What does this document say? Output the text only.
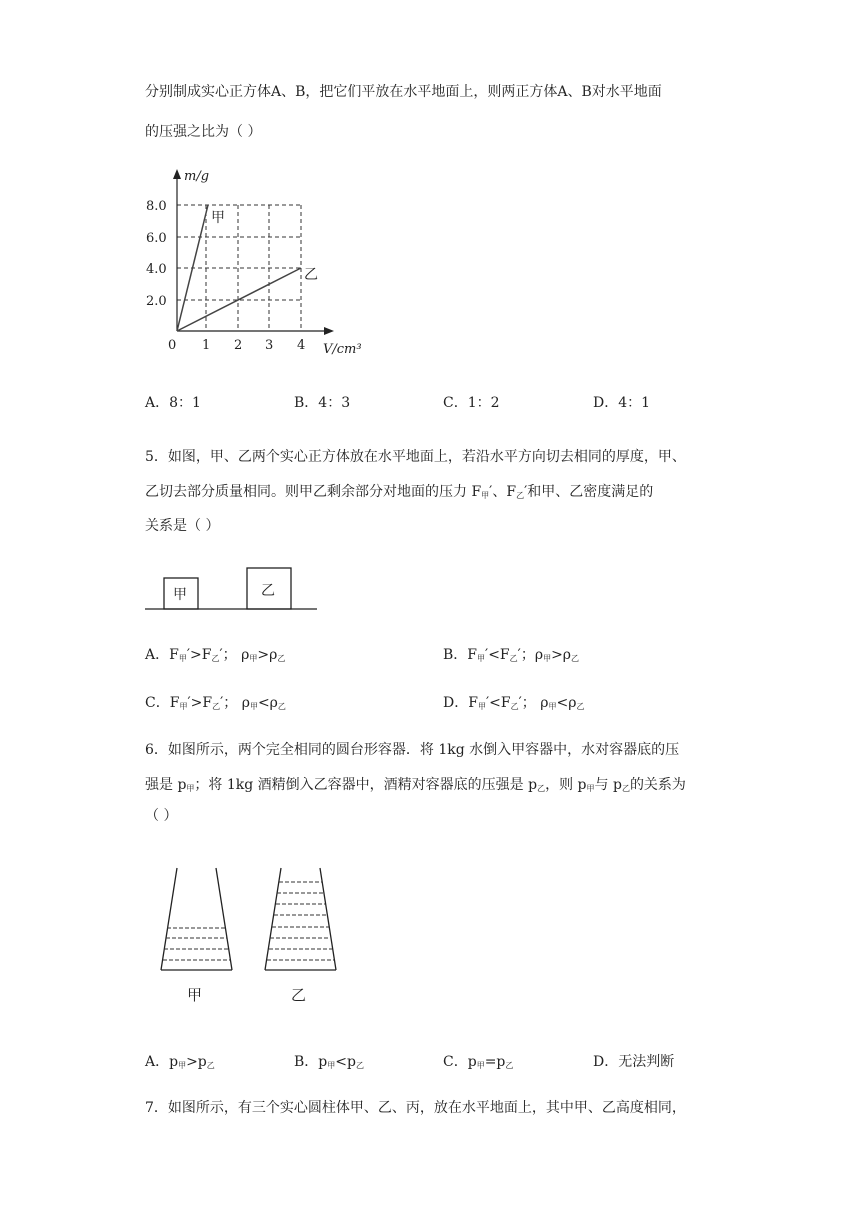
分别制成实心正方体A、B，把它们平放在水平地面上，则两正方体A、B对水平地面
的压强之比为（ ）
m/g
V/cm³
8.0
6.0
4.0
2.0
0 1 2 3 4
甲
乙
A．8：1	B．4：3	C．1：2	D．4：1
5．如图，甲、乙两个实心正方体放在水平地面上，若沿水平方向切去相同的厚度，甲、
乙切去部分质量相同。则甲乙剩余部分对地面的压力 $F_甲'$、$F_乙'$和甲、乙密度满足的
关系是（ ）
甲	乙
A．$F_甲'>F_乙'$； $\rho_甲>\rho_乙$	B．$F_甲'<F_乙'$；$\rho_甲>\rho_乙$
C．$F_甲'>F_乙'$； $\rho_甲<\rho_乙$	D．$F_甲'<F_乙'$； $\rho_甲<\rho_乙$
6．如图所示，两个完全相同的圆台形容器．将 1kg 水倒入甲容器中，水对容器底的压
强是 $p_甲$；将 1kg 酒精倒入乙容器中，酒精对容器底的压强是 $p_乙$，则 $p_甲$与 $p_乙$的关系为
（ ）
甲	乙
A．$p_甲>p_乙$	B．$p_甲<p_乙$	C．$p_甲=p_乙$	D．无法判断
7．如图所示，有三个实心圆柱体甲、乙、丙，放在水平地面上，其中甲、乙高度相同，
